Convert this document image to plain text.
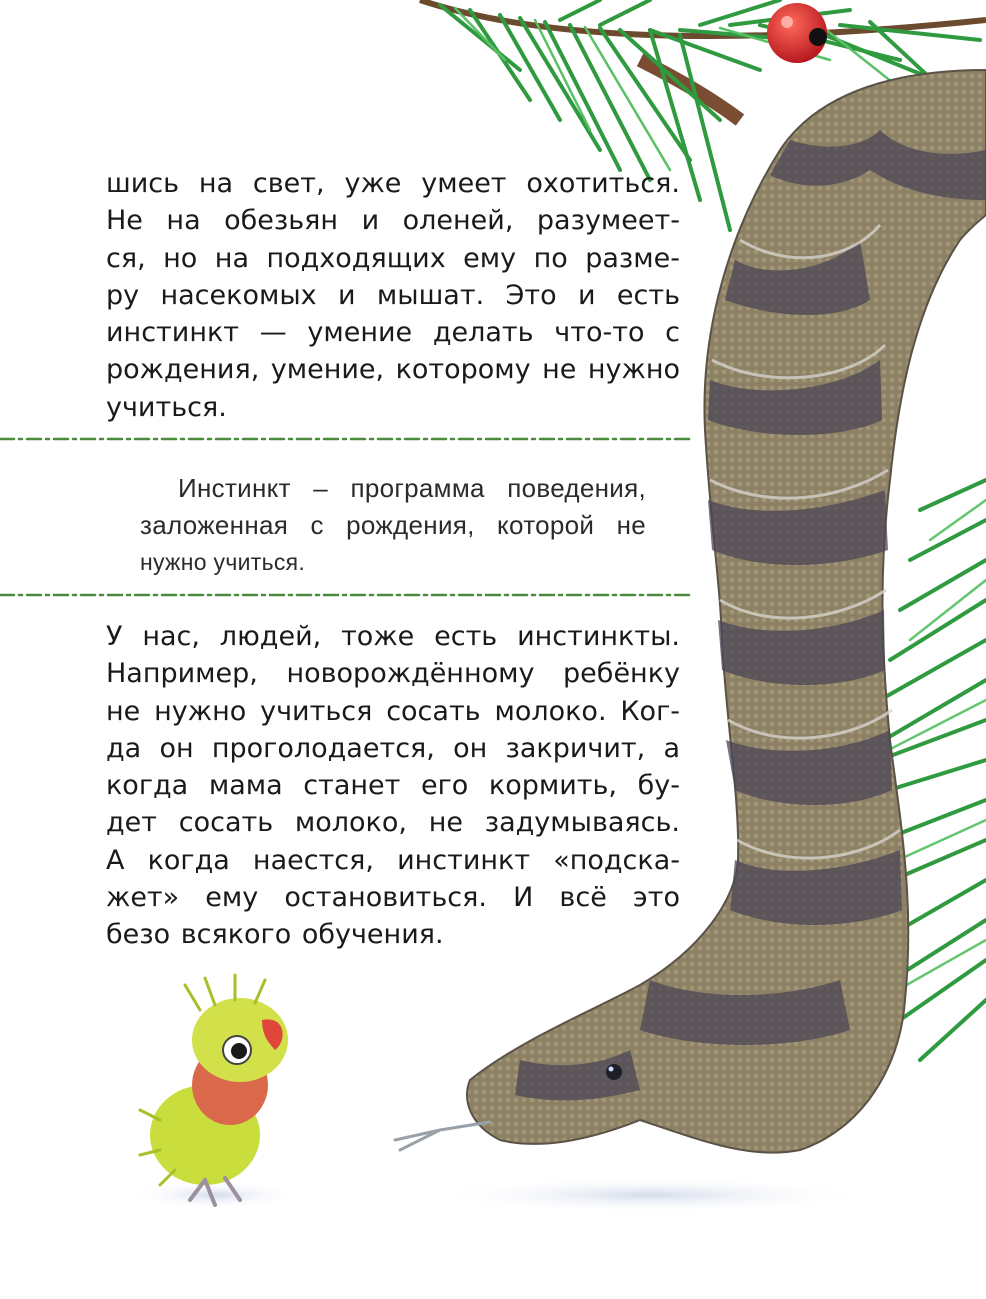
шись на свет, уже умеет охотиться.
Не на обезьян и оленей, разумеет-
ся, но на подходящих ему по разме-
ру насекомых и мышат. Это и есть
инстинкт — умение делать что-то с
рождения, умение, которому не нужно
учиться.
Инстинкт – программа поведения,
заложенная с рождения, которой не
нужно учиться.
У нас, людей, тоже есть инстинкты.
Например, новорождённому ребёнку
не нужно учиться сосать молоко. Ког-
да он проголодается, он закричит, а
когда мама станет его кормить, бу-
дет сосать молоко, не задумываясь.
А когда наестся, инстинкт «подска-
жет» ему остановиться. И всё это
безо всякого обучения.
